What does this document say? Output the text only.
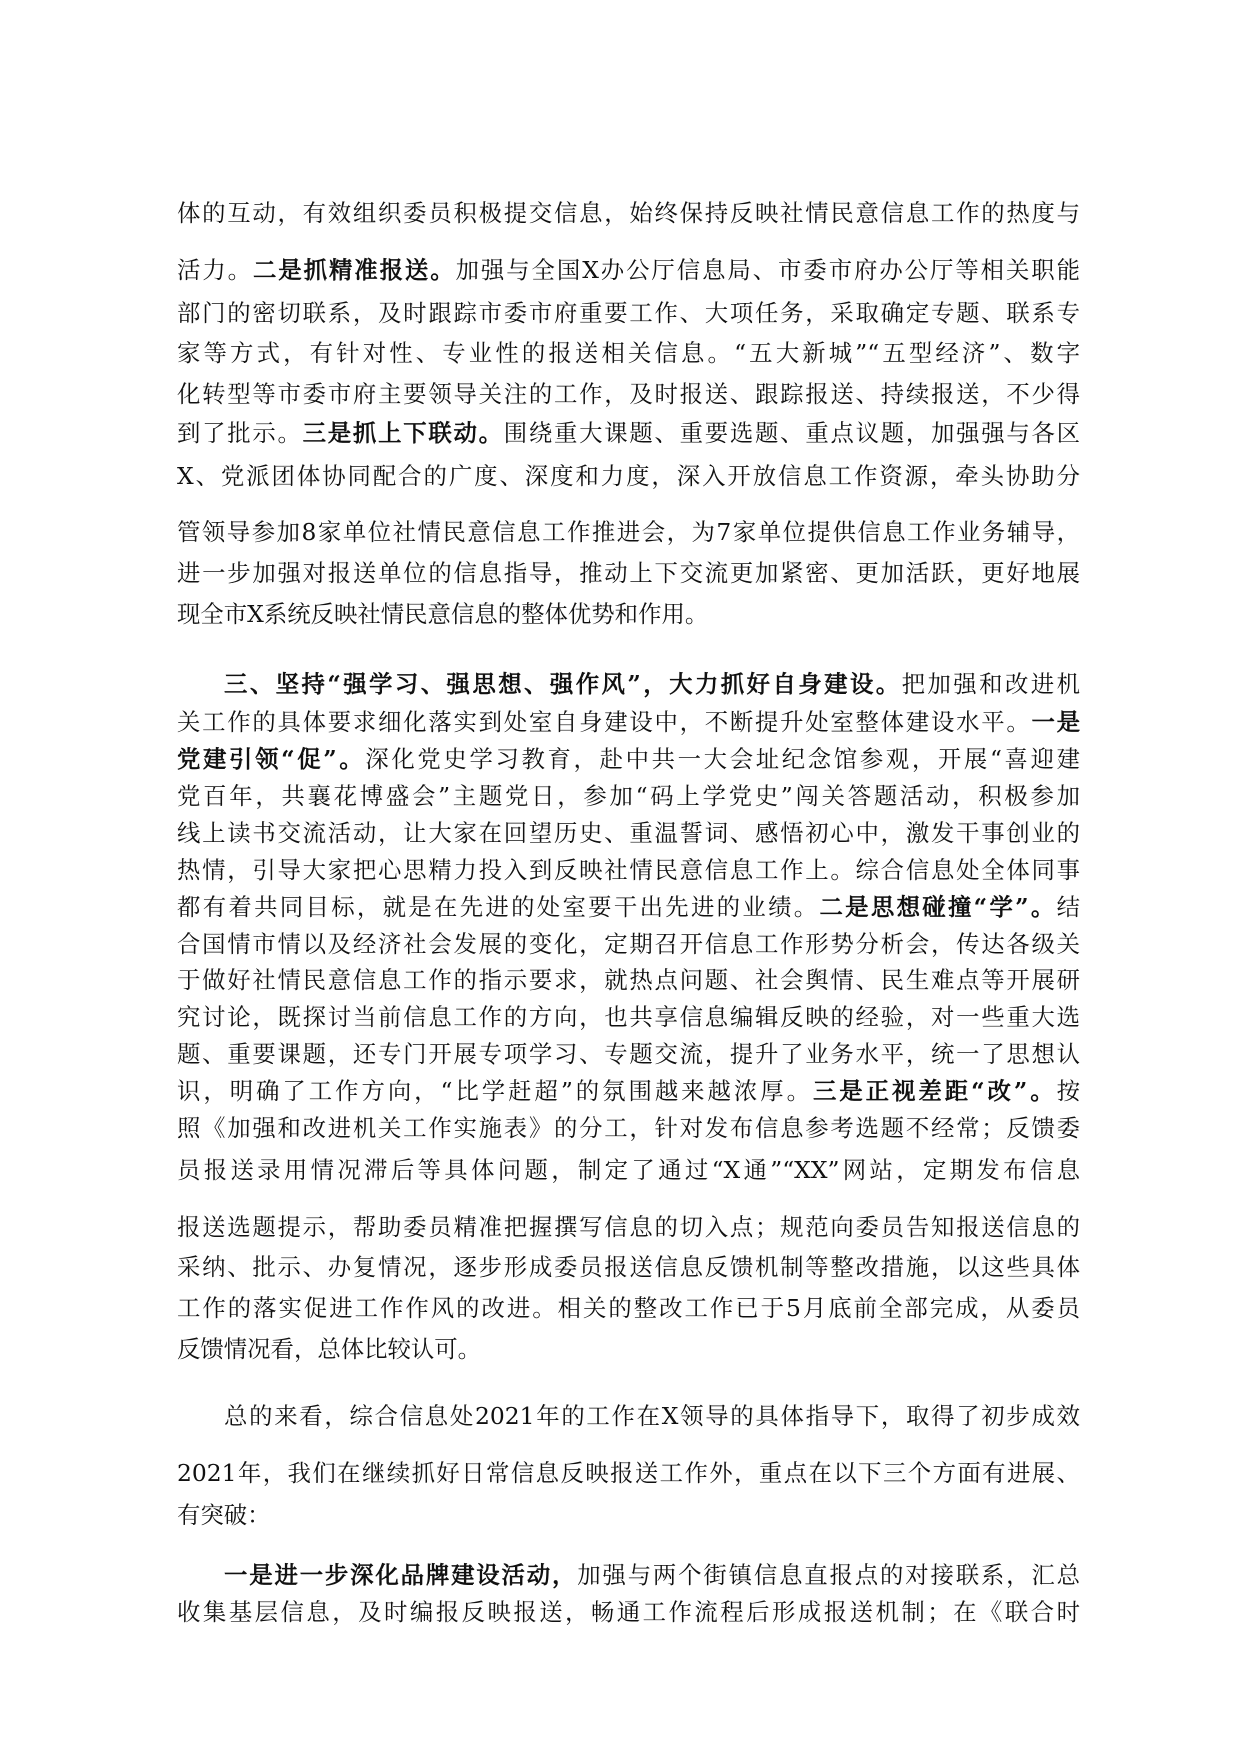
体的互动，有效组织委员积极提交信息，始终保持反映社情民意信息工作的热度与
活力。二是抓精准报送。加强与全国X办公厅信息局、市委市府办公厅等相关职能
部门的密切联系，及时跟踪市委市府重要工作、大项任务，采取确定专题、联系专
家等方式，有针对性、专业性的报送相关信息。“五大新城”“五型经济”、数字
化转型等市委市府主要领导关注的工作，及时报送、跟踪报送、持续报送，不少得
到了批示。三是抓上下联动。围绕重大课题、重要选题、重点议题，加强强与各区
X、党派团体协同配合的广度、深度和力度，深入开放信息工作资源，牵头协助分
管领导参加8家单位社情民意信息工作推进会，为7家单位提供信息工作业务辅导，
进一步加强对报送单位的信息指导，推动上下交流更加紧密、更加活跃，更好地展
现全市X系统反映社情民意信息的整体优势和作用。
三、坚持“强学习、强思想、强作风”，大力抓好自身建设。把加强和改进机
关工作的具体要求细化落实到处室自身建设中，不断提升处室整体建设水平。一是
党建引领“促”。深化党史学习教育，赴中共一大会址纪念馆参观，开展“喜迎建
党百年，共襄花博盛会”主题党日，参加“码上学党史”闯关答题活动，积极参加
线上读书交流活动，让大家在回望历史、重温誓词、感悟初心中，激发干事创业的
热情，引导大家把心思精力投入到反映社情民意信息工作上。综合信息处全体同事
都有着共同目标，就是在先进的处室要干出先进的业绩。二是思想碰撞“学”。结
合国情市情以及经济社会发展的变化，定期召开信息工作形势分析会，传达各级关
于做好社情民意信息工作的指示要求，就热点问题、社会舆情、民生难点等开展研
究讨论，既探讨当前信息工作的方向，也共享信息编辑反映的经验，对一些重大选
题、重要课题，还专门开展专项学习、专题交流，提升了业务水平，统一了思想认
识，明确了工作方向，“比学赶超”的氛围越来越浓厚。三是正视差距“改”。按
照《加强和改进机关工作实施表》的分工，针对发布信息参考选题不经常；反馈委
员报送录用情况滞后等具体问题，制定了通过“X通”“XX”网站，定期发布信息
报送选题提示，帮助委员精准把握撰写信息的切入点；规范向委员告知报送信息的
采纳、批示、办复情况，逐步形成委员报送信息反馈机制等整改措施，以这些具体
工作的落实促进工作作风的改进。相关的整改工作已于5月底前全部完成，从委员
反馈情况看，总体比较认可。
总的来看，综合信息处2021年的工作在X领导的具体指导下，取得了初步成效
2021年，我们在继续抓好日常信息反映报送工作外，重点在以下三个方面有进展、
有突破：
一是进一步深化品牌建设活动，加强与两个街镇信息直报点的对接联系，汇总
收集基层信息，及时编报反映报送，畅通工作流程后形成报送机制；在《联合时
